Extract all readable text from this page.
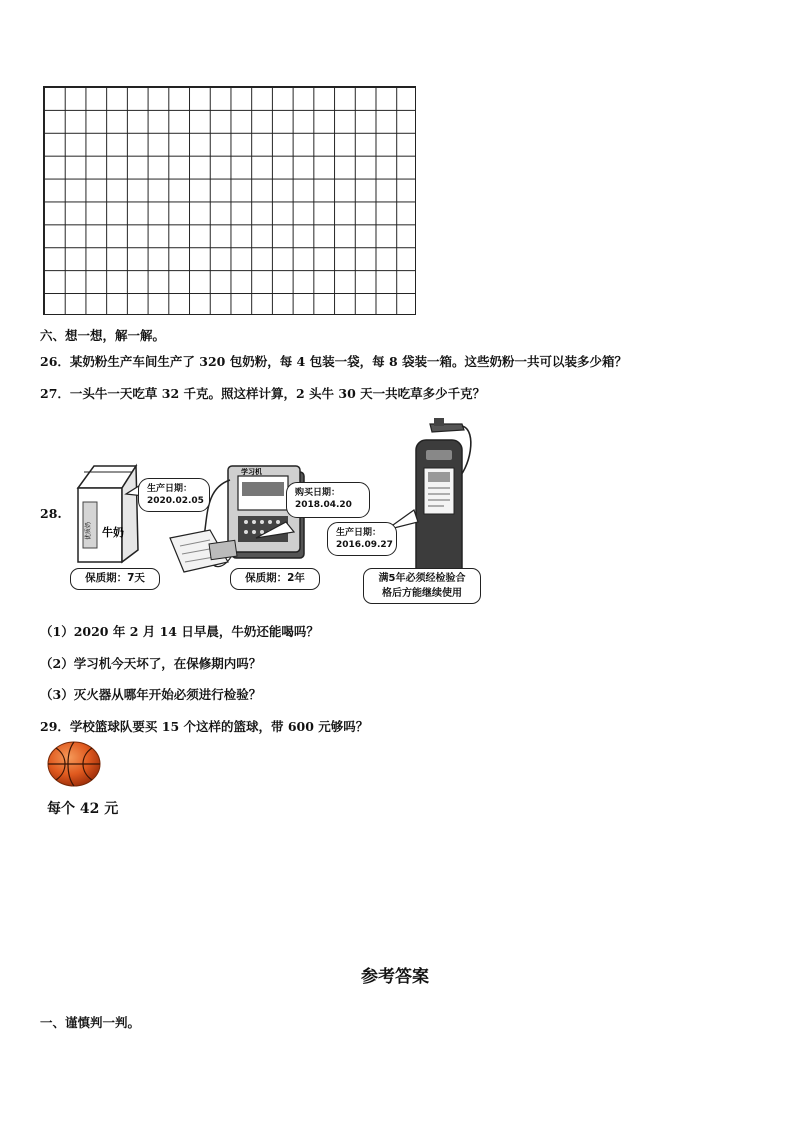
六、想一想，解一解。
26．某奶粉生产车间生产了 320 包奶粉，每 4 包装一袋，每 8 袋装一箱。这些奶粉一共可以装多少箱？
27．一头牛一天吃草 32 千克。照这样计算，2 头牛 30 天一共吃草多少千克？
28.
牛奶
优质奶
学习机
生产日期：
2020.02.05
购买日期：
2018.04.20
生产日期：
2016.09.27
保质期：7天	保质期：2年	满5年必须经检验合
格后方能继续使用
（1）2020 年 2 月 14 日早晨，牛奶还能喝吗？
（2）学习机今天坏了，在保修期内吗？
（3）灭火器从哪年开始必须进行检验？
29．学校篮球队要买 15 个这样的篮球，带 600 元够吗？
每个 42 元
参考答案
一、谨慎判一判。
